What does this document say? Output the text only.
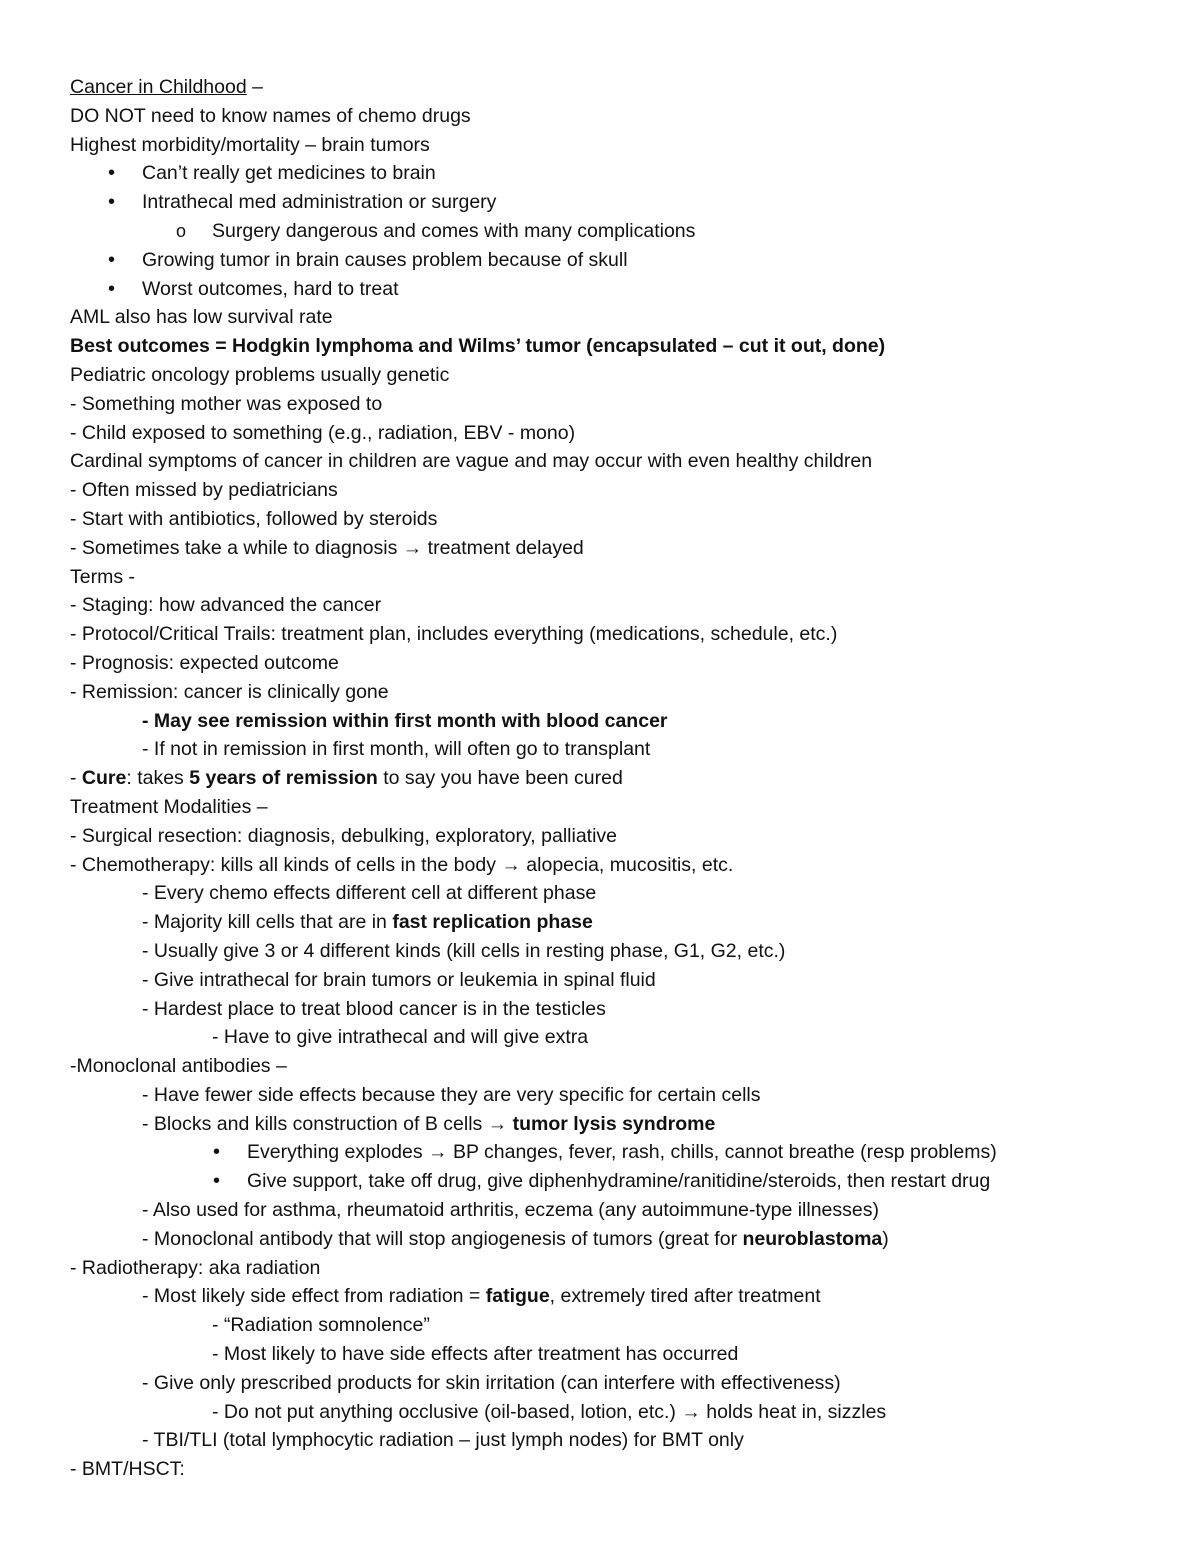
Cancer in Childhood –
DO NOT need to know names of chemo drugs
Highest morbidity/mortality – brain tumors
• Can’t really get medicines to brain
• Intrathecal med administration or surgery
o Surgery dangerous and comes with many complications
• Growing tumor in brain causes problem because of skull
• Worst outcomes, hard to treat
AML also has low survival rate
Best outcomes = Hodgkin lymphoma and Wilms’ tumor (encapsulated – cut it out, done)
Pediatric oncology problems usually genetic
- Something mother was exposed to
- Child exposed to something (e.g., radiation, EBV - mono)
Cardinal symptoms of cancer in children are vague and may occur with even healthy children
- Often missed by pediatricians
- Start with antibiotics, followed by steroids
- Sometimes take a while to diagnosis → treatment delayed
Terms -
- Staging: how advanced the cancer
- Protocol/Critical Trails: treatment plan, includes everything (medications, schedule, etc.)
- Prognosis: expected outcome
- Remission: cancer is clinically gone
- May see remission within first month with blood cancer
- If not in remission in first month, will often go to transplant
- Cure: takes 5 years of remission to say you have been cured
Treatment Modalities –
- Surgical resection: diagnosis, debulking, exploratory, palliative
- Chemotherapy: kills all kinds of cells in the body → alopecia, mucositis, etc.
- Every chemo effects different cell at different phase
- Majority kill cells that are in fast replication phase
- Usually give 3 or 4 different kinds (kill cells in resting phase, G1, G2, etc.)
- Give intrathecal for brain tumors or leukemia in spinal fluid
- Hardest place to treat blood cancer is in the testicles
- Have to give intrathecal and will give extra
-Monoclonal antibodies –
- Have fewer side effects because they are very specific for certain cells
- Blocks and kills construction of B cells → tumor lysis syndrome
• Everything explodes → BP changes, fever, rash, chills, cannot breathe (resp problems)
• Give support, take off drug, give diphenhydramine/ranitidine/steroids, then restart drug
- Also used for asthma, rheumatoid arthritis, eczema (any autoimmune-type illnesses)
- Monoclonal antibody that will stop angiogenesis of tumors (great for neuroblastoma)
- Radiotherapy: aka radiation
- Most likely side effect from radiation = fatigue, extremely tired after treatment
- “Radiation somnolence”
- Most likely to have side effects after treatment has occurred
- Give only prescribed products for skin irritation (can interfere with effectiveness)
- Do not put anything occlusive (oil-based, lotion, etc.) → holds heat in, sizzles
- TBI/TLI (total lymphocytic radiation – just lymph nodes) for BMT only
- BMT/HSCT:
